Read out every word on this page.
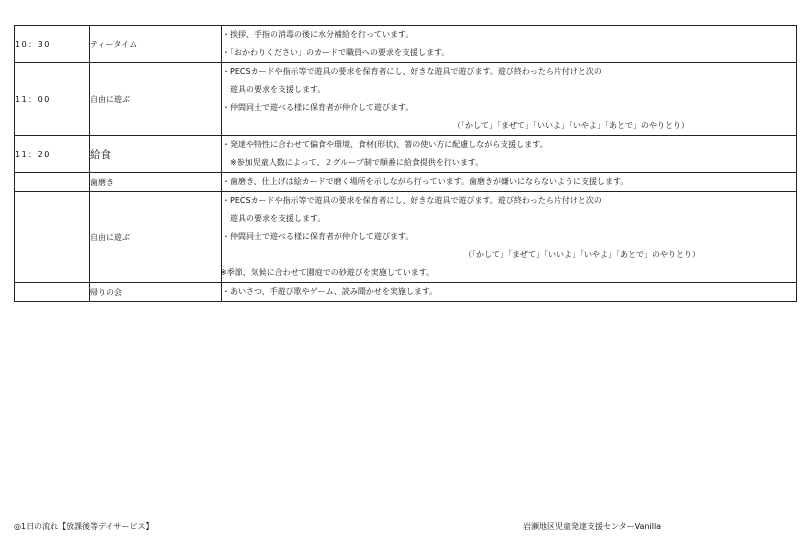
10：30	ティータイム	・挨拶、手指の消毒の後に水分補給を行っています。
・「おかわりください」のカードで職員への要求を支援します。

11：00	自由に遊ぶ	・PECSカードや指示等で遊具の要求を保育者にし、好きな遊具で遊びます。遊び終わったら片付けと次の
遊具の要求を支援します。
・仲間同士で遊べる様に保育者が仲介して遊びます。
（「かして」「まぜて」「いいよ」「いやよ」「あとで」のやりとり）

11：20	給食	・発達や特性に合わせて偏食や環境、食材(形状)、箸の使い方に配慮しながら支援します。
※参加児童人数によって、２グループ制で順番に給食提供を行います。

	歯磨き	・歯磨き、仕上げは絵カードで磨く場所を示しながら行っています。歯磨きが嫌いにならないように支援します。

	自由に遊ぶ	・PECSカードや指示等で遊具の要求を保育者にし、好きな遊具で遊びます。遊び終わったら片付けと次の
遊具の要求を支援します。
・仲間同士で遊べる様に保育者が仲介して遊びます。
（「かして」「まぜて」「いいよ」「いやよ」「あとで」のやりとり）
※季節、気候に合わせて園庭での砂遊びを実施しています。

	帰りの会	・あいさつ、手遊び歌やゲーム、読み聞かせを実施します。
◎1日の流れ【放課後等デイサービス】	岩瀬地区児童発達支援センターVanilla
